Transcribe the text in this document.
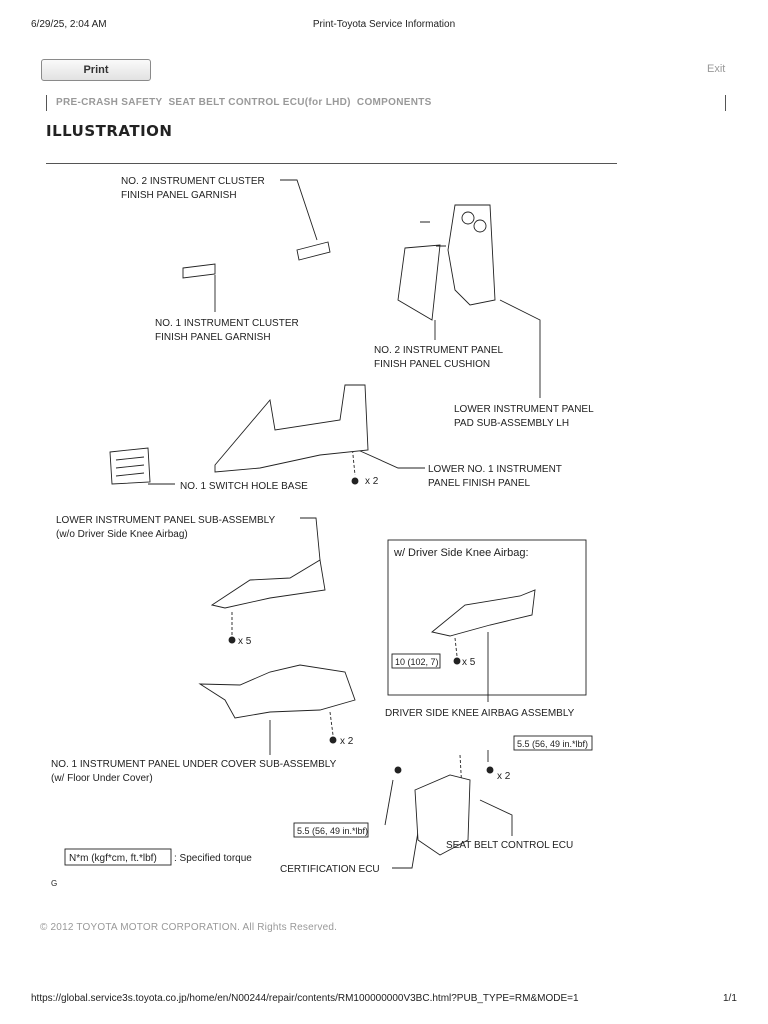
6/29/25, 2:04 AM	Print-Toyota Service Information
Print	Exit
PRE-CRASH SAFETY  SEAT BELT CONTROL ECU(for LHD)  COMPONENTS
ILLUSTRATION
NO. 2 INSTRUMENT CLUSTER
FINISH PANEL GARNISH
NO. 1 INSTRUMENT CLUSTER
FINISH PANEL GARNISH
NO. 2 INSTRUMENT PANEL
FINISH PANEL CUSHION
LOWER INSTRUMENT PANEL
PAD SUB-ASSEMBLY LH
NO. 1 SWITCH HOLE BASE
LOWER NO. 1 INSTRUMENT
PANEL FINISH PANEL
x 2
LOWER INSTRUMENT PANEL SUB-ASSEMBLY
(w/o Driver Side Knee Airbag)
x 5
w/ Driver Side Knee Airbag:
10 (102, 7) x 5
DRIVER SIDE KNEE AIRBAG ASSEMBLY
x 2
NO. 1 INSTRUMENT PANEL UNDER COVER SUB-ASSEMBLY
(w/ Floor Under Cover)
5.5 (56, 49 in.*lbf)
x 2
5.5 (56, 49 in.*lbf)
SEAT BELT CONTROL ECU
CERTIFICATION ECU
N*m (kgf*cm, ft.*lbf) : Specified torque
G
© 2012 TOYOTA MOTOR CORPORATION. All Rights Reserved.
https://global.service3s.toyota.co.jp/home/en/N00244/repair/contents/RM100000000V3BC.html?PUB_TYPE=RM&MODE=1	1/1
